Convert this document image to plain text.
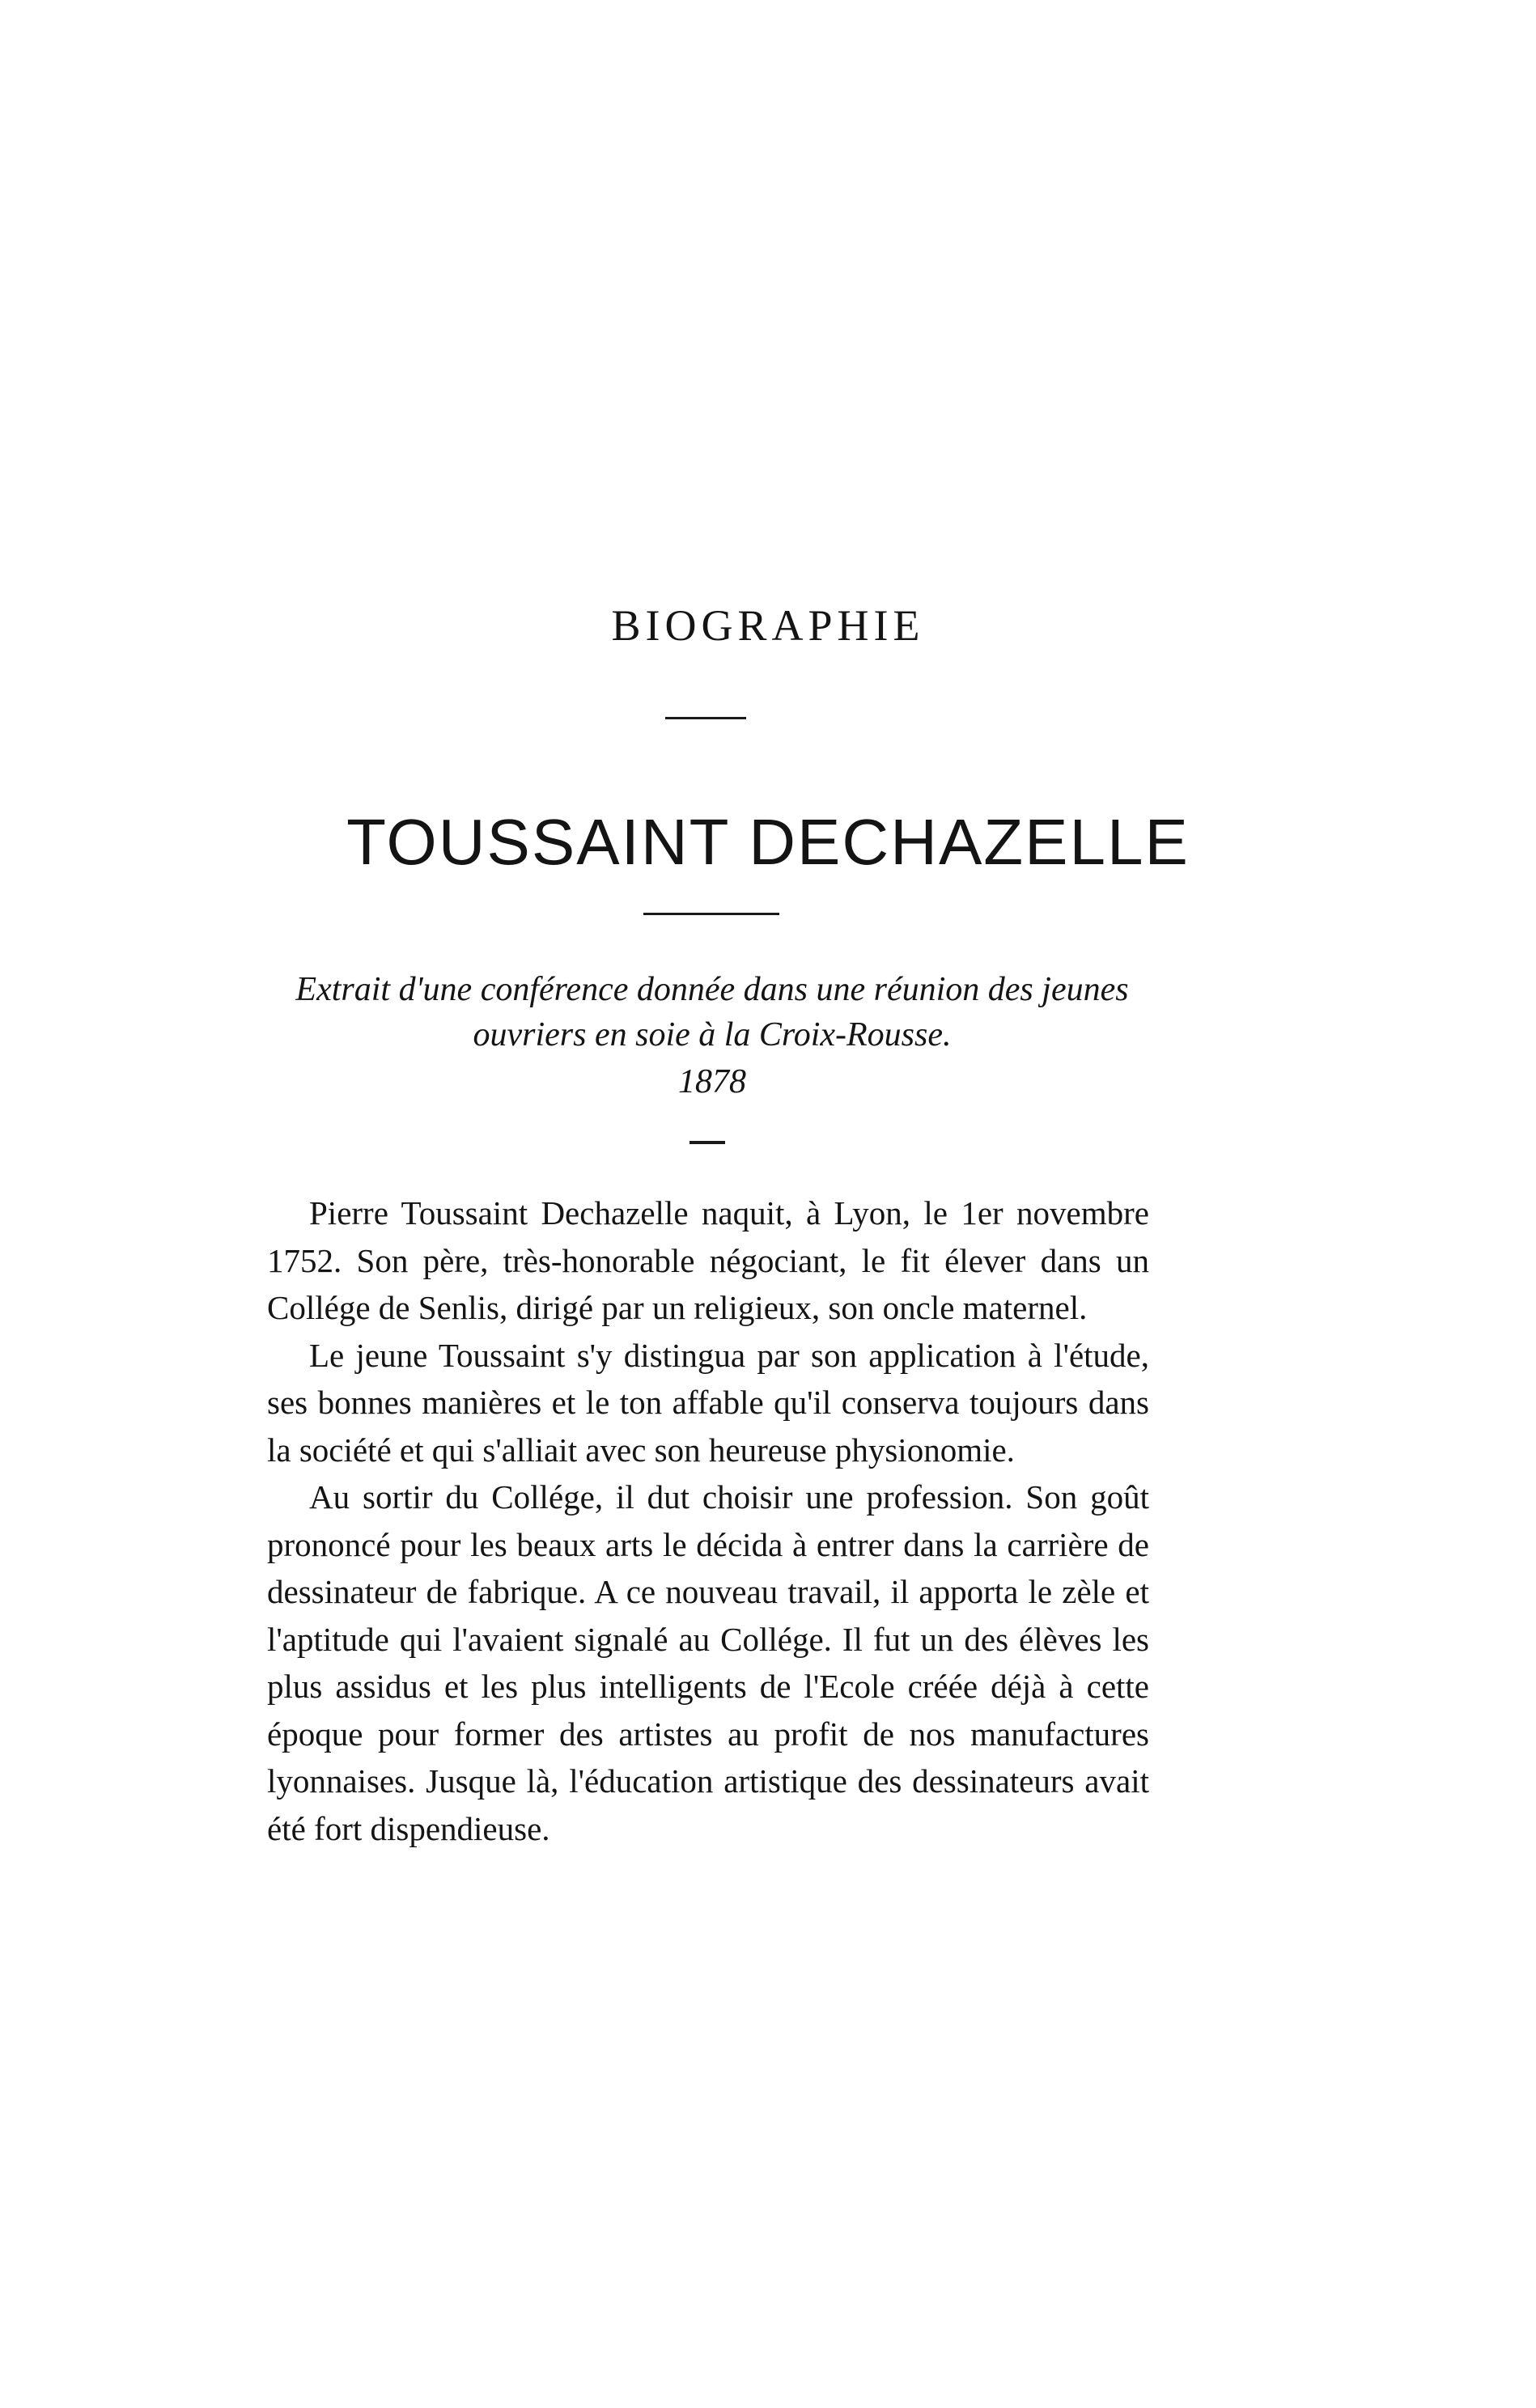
BIOGRAPHIE
TOUSSAINT DECHAZELLE
Extrait d'une conférence donnée dans une réunion des jeunes ouvriers en soie à la Croix-Rousse.
1878

Pierre Toussaint Dechazelle naquit, à Lyon, le 1er novembre 1752. Son père, très-honorable négociant, le fit élever dans un Collége de Senlis, dirigé par un religieux, son oncle maternel.

Le jeune Toussaint s'y distingua par son application à l'étude, ses bonnes manières et le ton affable qu'il conserva toujours dans la société et qui s'alliait avec son heureuse physionomie.

Au sortir du Collége, il dut choisir une profession. Son goût prononcé pour les beaux arts le décida à entrer dans la carrière de dessinateur de fabrique. A ce nouveau travail, il apporta le zèle et l'aptitude qui l'avaient signalé au Collége. Il fut un des élèves les plus assidus et les plus intelligents de l'Ecole créée déjà à cette époque pour former des artistes au profit de nos manufactures lyonnaises. Jusque là, l'éducation artistique des dessinateurs avait été fort dispendieuse.
